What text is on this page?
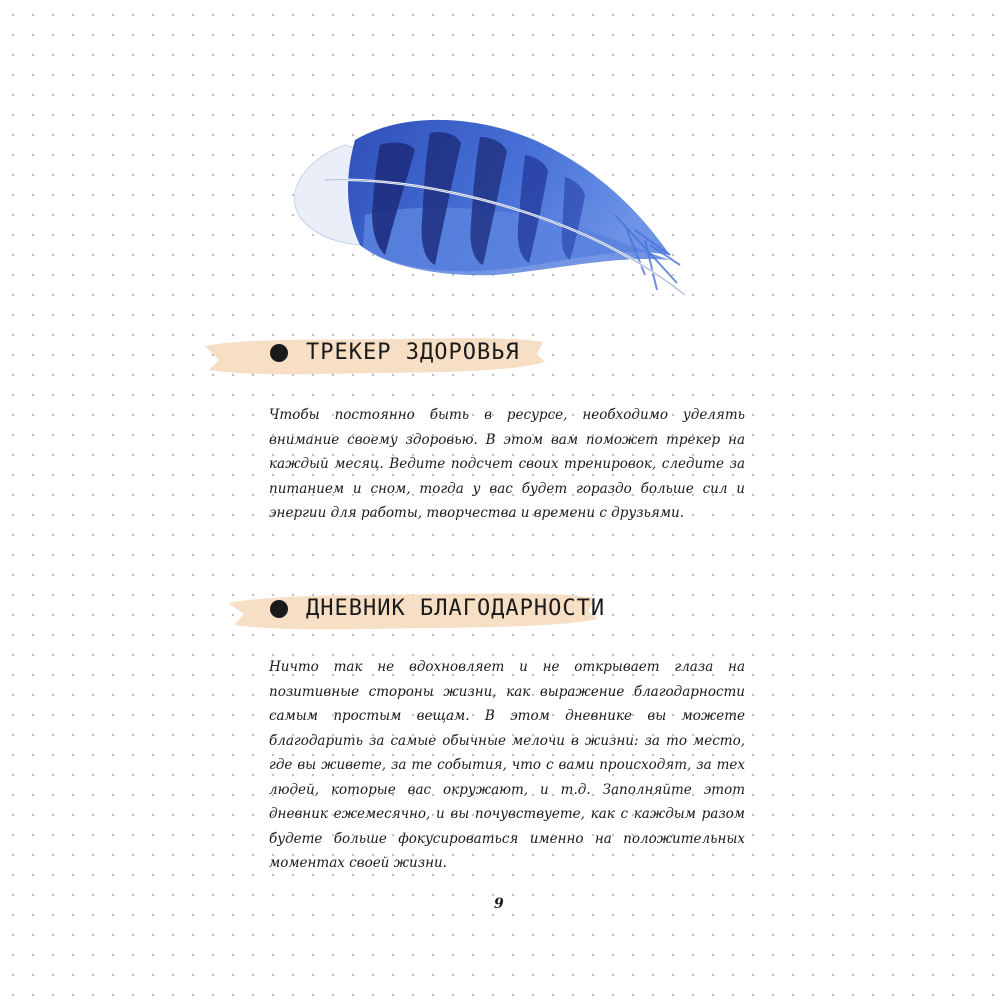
ТРЕКЕР ЗДОРОВЬЯ
Чтобы постоянно быть в ресурсе, необходимо уделять внимание своему здоровью. В этом вам поможет трекер на каждый месяц. Ведите подсчет своих тренировок, следите за питанием и сном, тогда у вас будет гораздо больше сил и энергии для работы, творчества и времени с друзьями.
ДНЕВНИК БЛАГОДАРНОСТИ
Ничто так не вдохновляет и не открывает глаза на позитивные стороны жизни, как выражение благодарности самым простым вещам. В этом дневнике вы можете благодарить за самые обычные мелочи в жизни: за то место, где вы живете, за те события, что с вами происходят, за тех людей, которые вас окружают, и т.д. Заполняйте этот дневник ежемесячно, и вы почувствуете, как с каждым разом будете больше фокусироваться именно на положительных моментах своей жизни.
9
